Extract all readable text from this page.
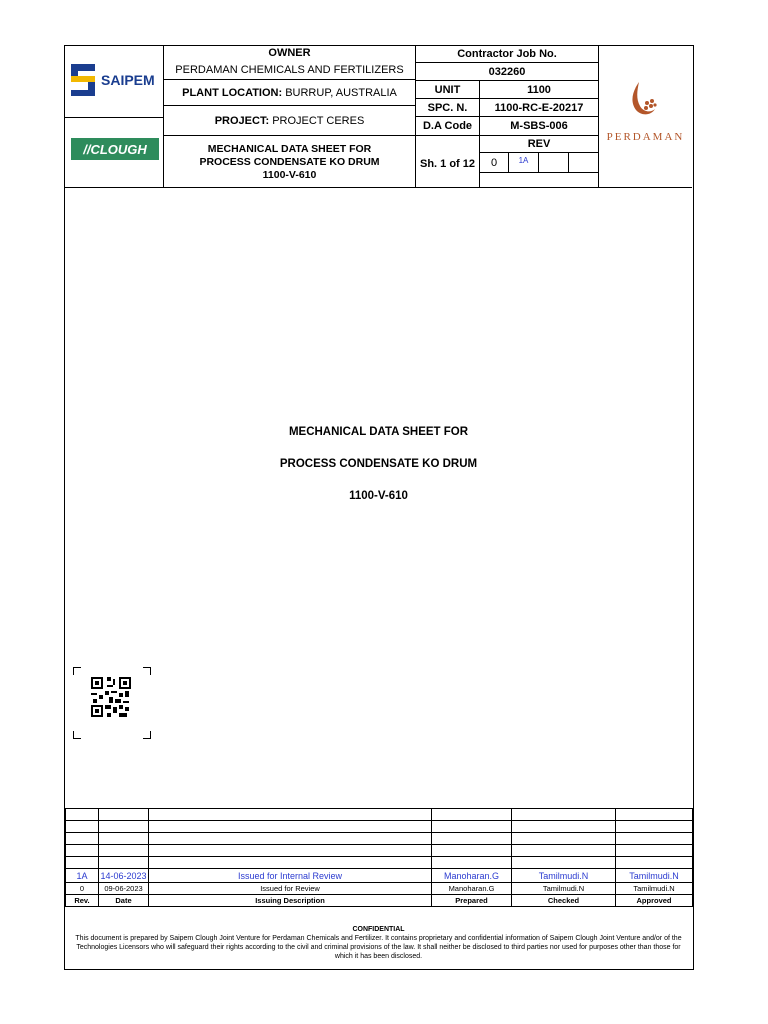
SAIPEM
//CLOUGH
OWNER
PERDAMAN CHEMICALS AND FERTILIZERS
PLANT LOCATION:
BURRUP, AUSTRALIA
PROJECT:
PROJECT CERES
MECHANICAL DATA SHEET FOR
PROCESS CONDENSATE KO DRUM
1100-V-610
Contractor Job No.
032260
UNIT	1100
SPC. N.	1100-RC-E-20217
D.A Code	M-SBS-006
Sh. 1 of 12
REV
0	1A
PERDAMAN
MECHANICAL DATA SHEET FOR
PROCESS CONDENSATE KO DRUM
1100-V-610

1A	14-06-2023	Issued for Internal Review	Manoharan.G	Tamilmudi.N	Tamilmudi.N
0	09-06-2023	Issued for Review	Manoharan.G	Tamilmudi.N	Tamilmudi.N
Rev.	Date	Issuing Description	Prepared	Checked	Approved
CONFIDENTIAL
This document is prepared by Saipem Clough Joint Venture for Perdaman Chemicals and Fertilizer. It contains proprietary and confidential information of Saipem Clough Joint Venture and/or of the Technologies Licensors who will safeguard their rights according to the civil and criminal provisions of the law. It shall neither be disclosed to third parties nor used for purposes other than those for which it has been disclosed.
